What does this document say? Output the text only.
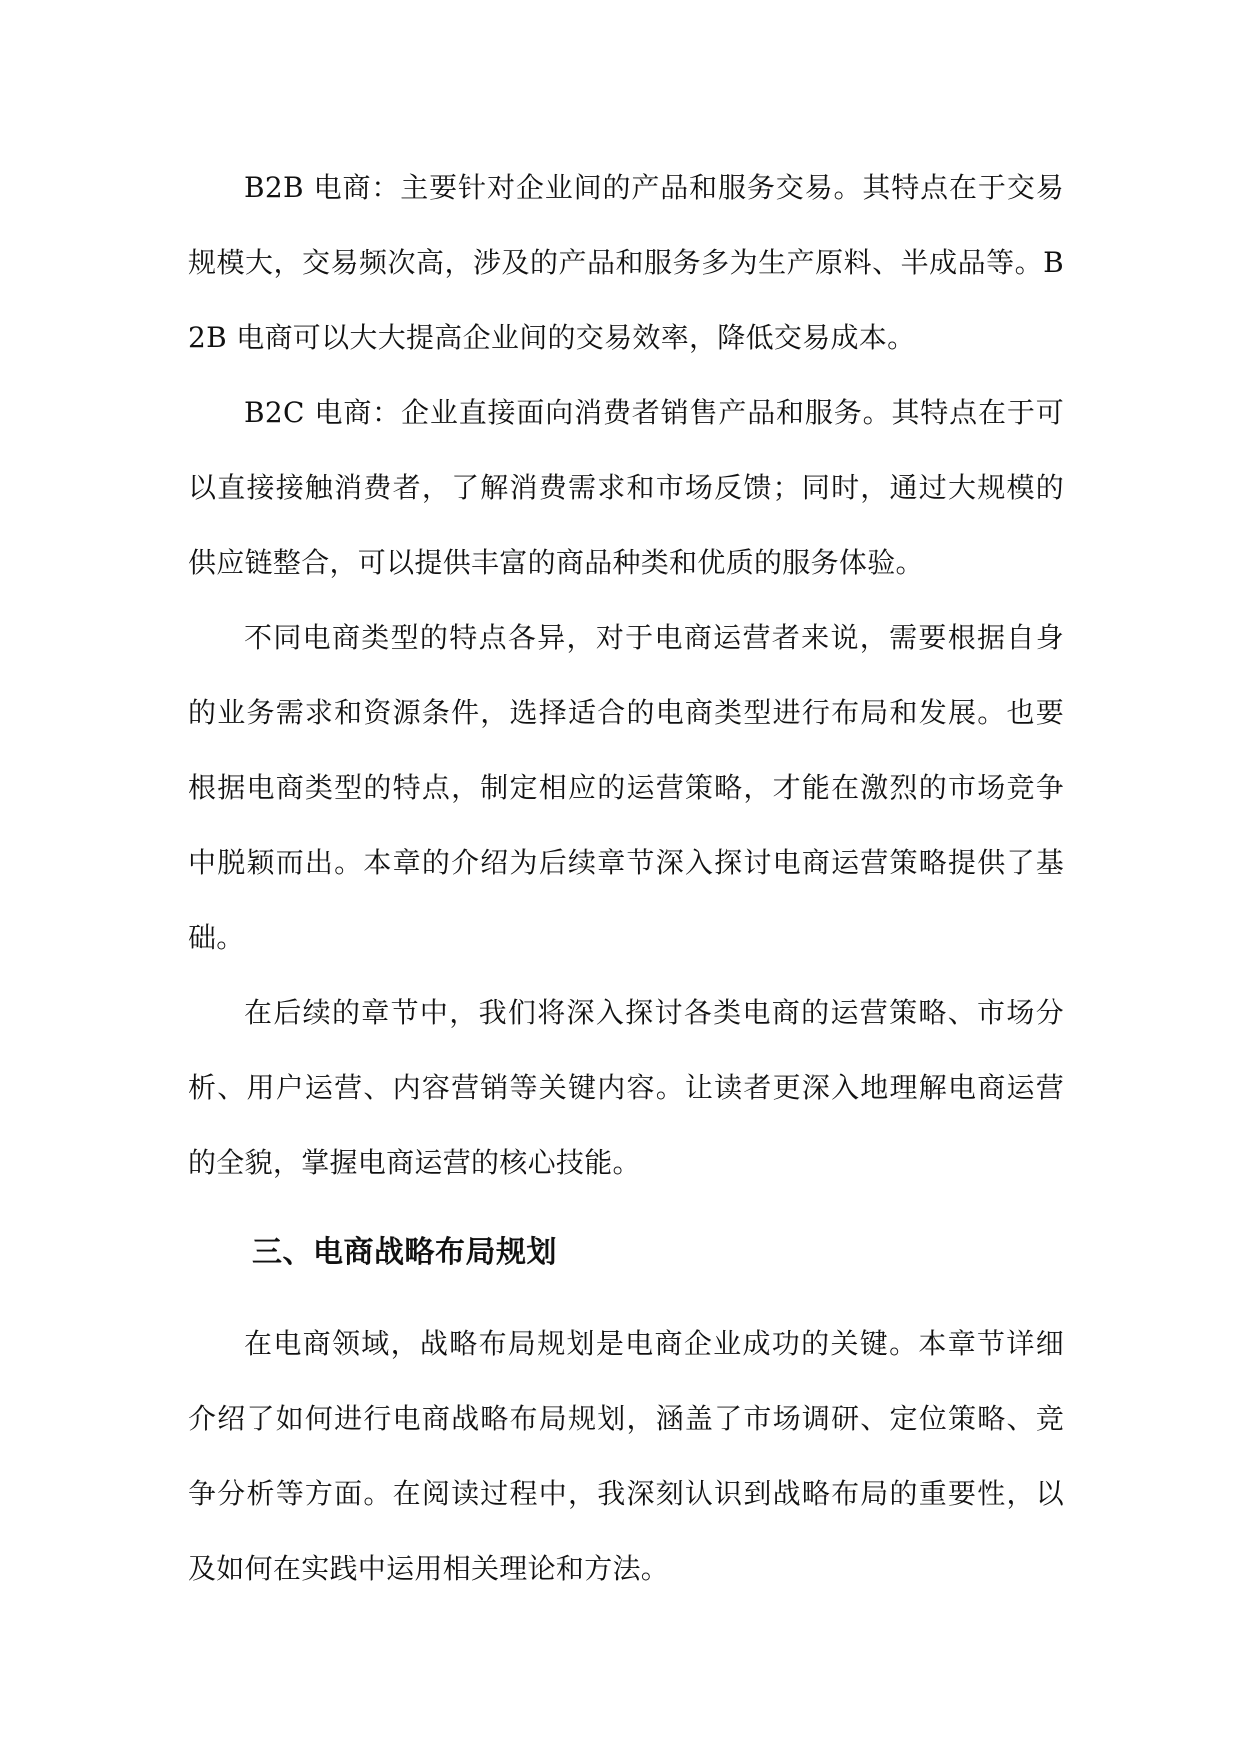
B2B 电商：主要针对企业间的产品和服务交易。其特点在于交易规模大，交易频次高，涉及的产品和服务多为生产原料、半成品等。B2B 电商可以大大提高企业间的交易效率，降低交易成本。

B2C 电商：企业直接面向消费者销售产品和服务。其特点在于可以直接接触消费者，了解消费需求和市场反馈；同时，通过大规模的供应链整合，可以提供丰富的商品种类和优质的服务体验。

不同电商类型的特点各异，对于电商运营者来说，需要根据自身的业务需求和资源条件，选择适合的电商类型进行布局和发展。也要根据电商类型的特点，制定相应的运营策略，才能在激烈的市场竞争中脱颖而出。本章的介绍为后续章节深入探讨电商运营策略提供了基础。

在后续的章节中，我们将深入探讨各类电商的运营策略、市场分析、用户运营、内容营销等关键内容。让读者更深入地理解电商运营的全貌，掌握电商运营的核心技能。

三、电商战略布局规划

在电商领域，战略布局规划是电商企业成功的关键。本章节详细介绍了如何进行电商战略布局规划，涵盖了市场调研、定位策略、竞争分析等方面。在阅读过程中，我深刻认识到战略布局的重要性，以及如何在实践中运用相关理论和方法。
